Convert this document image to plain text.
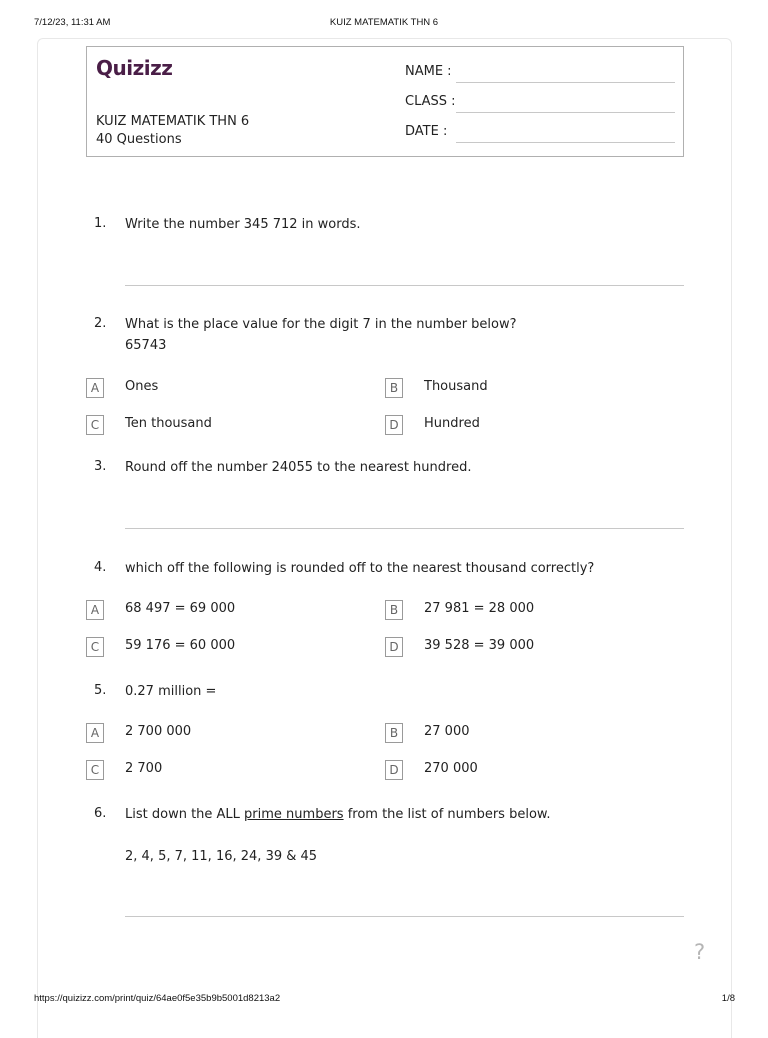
7/12/23, 11:31 AM	KUIZ MATEMATIK THN 6
Quizizz
KUIZ MATEMATIK THN 6
40 Questions
NAME :
CLASS :
DATE :
1. Write the number 345 712 in words.
2. What is the place value for the digit 7 in the number below?
65743
A	Ones	B	Thousand
C	Ten thousand	D	Hundred
3. Round off the number 24055 to the nearest hundred.
4. which off the following is rounded off to the nearest thousand correctly?
A	68 497 = 69 000	B	27 981 = 28 000
C	59 176 = 60 000	D	39 528 = 39 000
5. 0.27 million =
A	2 700 000	B	27 000
C	2 700	D	270 000
6. List down the ALL prime numbers from the list of numbers below.
2, 4, 5, 7, 11, 16, 24, 39 & 45
?
https://quizizz.com/print/quiz/64ae0f5e35b9b5001d8213a2	1/8
